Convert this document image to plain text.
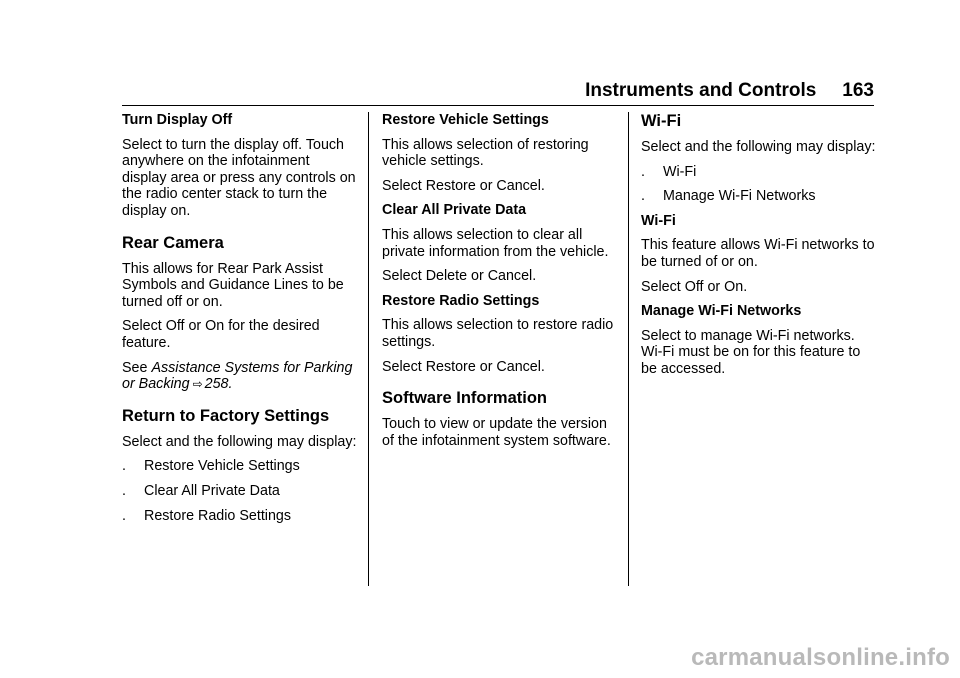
Instruments and Controls 163
Turn Display Off
Select to turn the display off. Touch anywhere on the infotainment display area or press any controls on the radio center stack to turn the display on.
Rear Camera
This allows for Rear Park Assist Symbols and Guidance Lines to be turned off or on.
Select Off or On for the desired feature.
See Assistance Systems for Parking or Backing ⇨ 258.
Return to Factory Settings
Select and the following may display:
.	Restore Vehicle Settings
.	Clear All Private Data
.	Restore Radio Settings
Restore Vehicle Settings
This allows selection of restoring vehicle settings.
Select Restore or Cancel.
Clear All Private Data
This allows selection to clear all private information from the vehicle.
Select Delete or Cancel.
Restore Radio Settings
This allows selection to restore radio settings.
Select Restore or Cancel.
Software Information
Touch to view or update the version of the infotainment system software.
Wi-Fi
Select and the following may display:
.	Wi-Fi
.	Manage Wi-Fi Networks
Wi-Fi
This feature allows Wi-Fi networks to be turned of or on.
Select Off or On.
Manage Wi-Fi Networks
Select to manage Wi-Fi networks. Wi-Fi must be on for this feature to be accessed.
carmanualsonline.info
